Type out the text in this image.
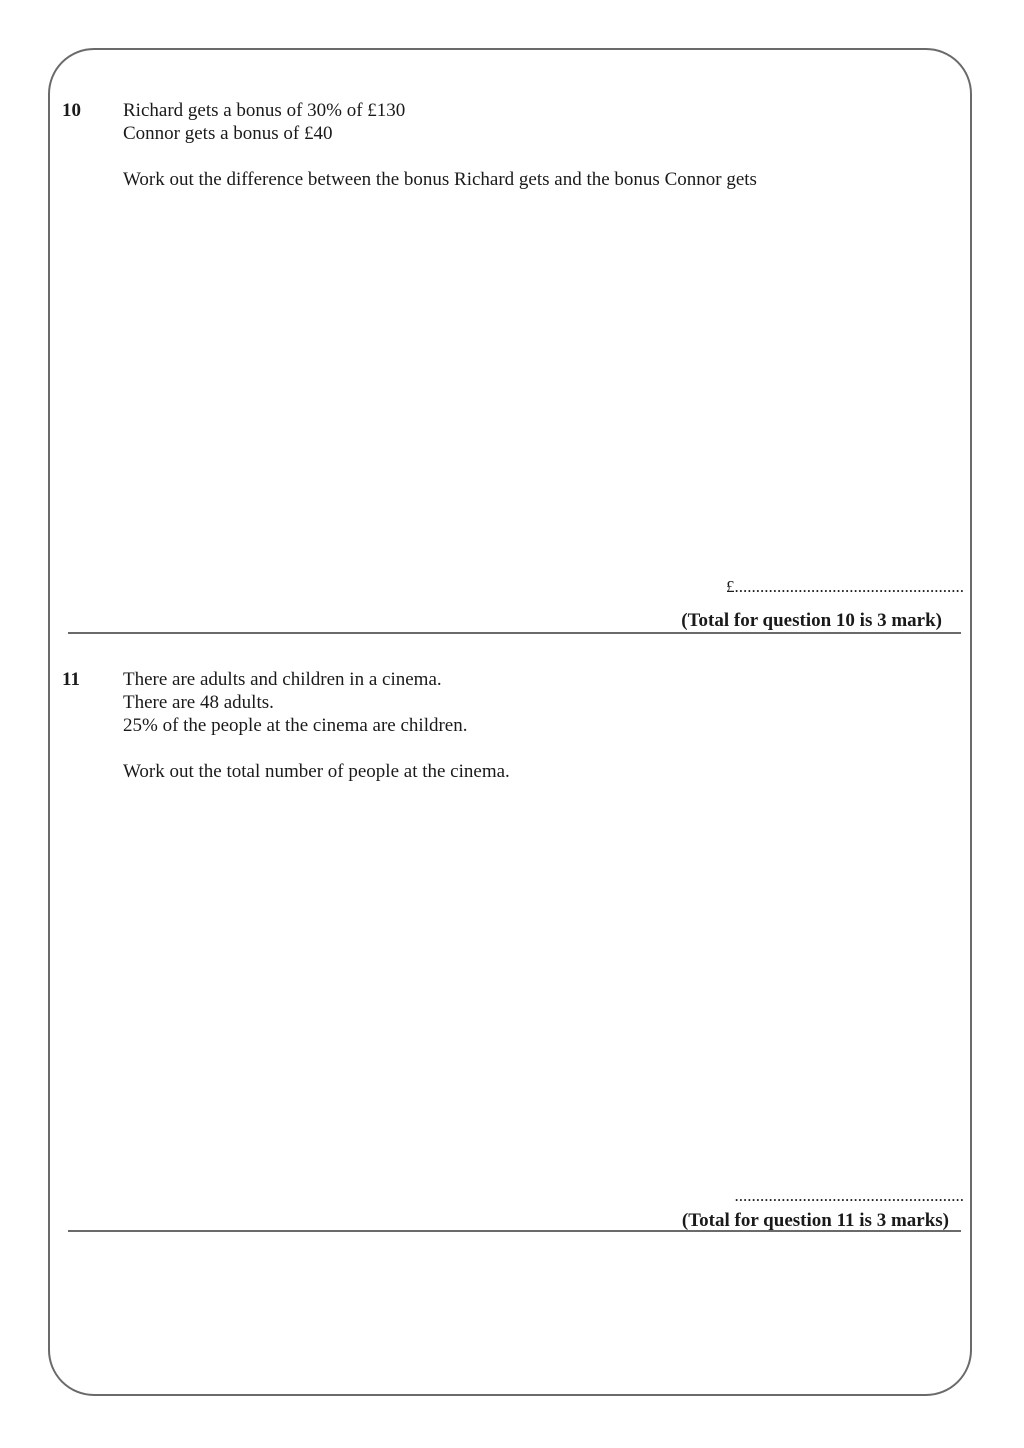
10 Richard gets a bonus of 30% of £130
Connor gets a bonus of £40
Work out the difference between the bonus Richard gets and the bonus Connor gets
£......................................................
(Total for question 10 is 3 mark)
11 There are adults and children in a cinema.
There are 48 adults.
25% of the people at the cinema are children.
Work out the total number of people at the cinema.
......................................................
(Total for question 11 is 3 marks)
